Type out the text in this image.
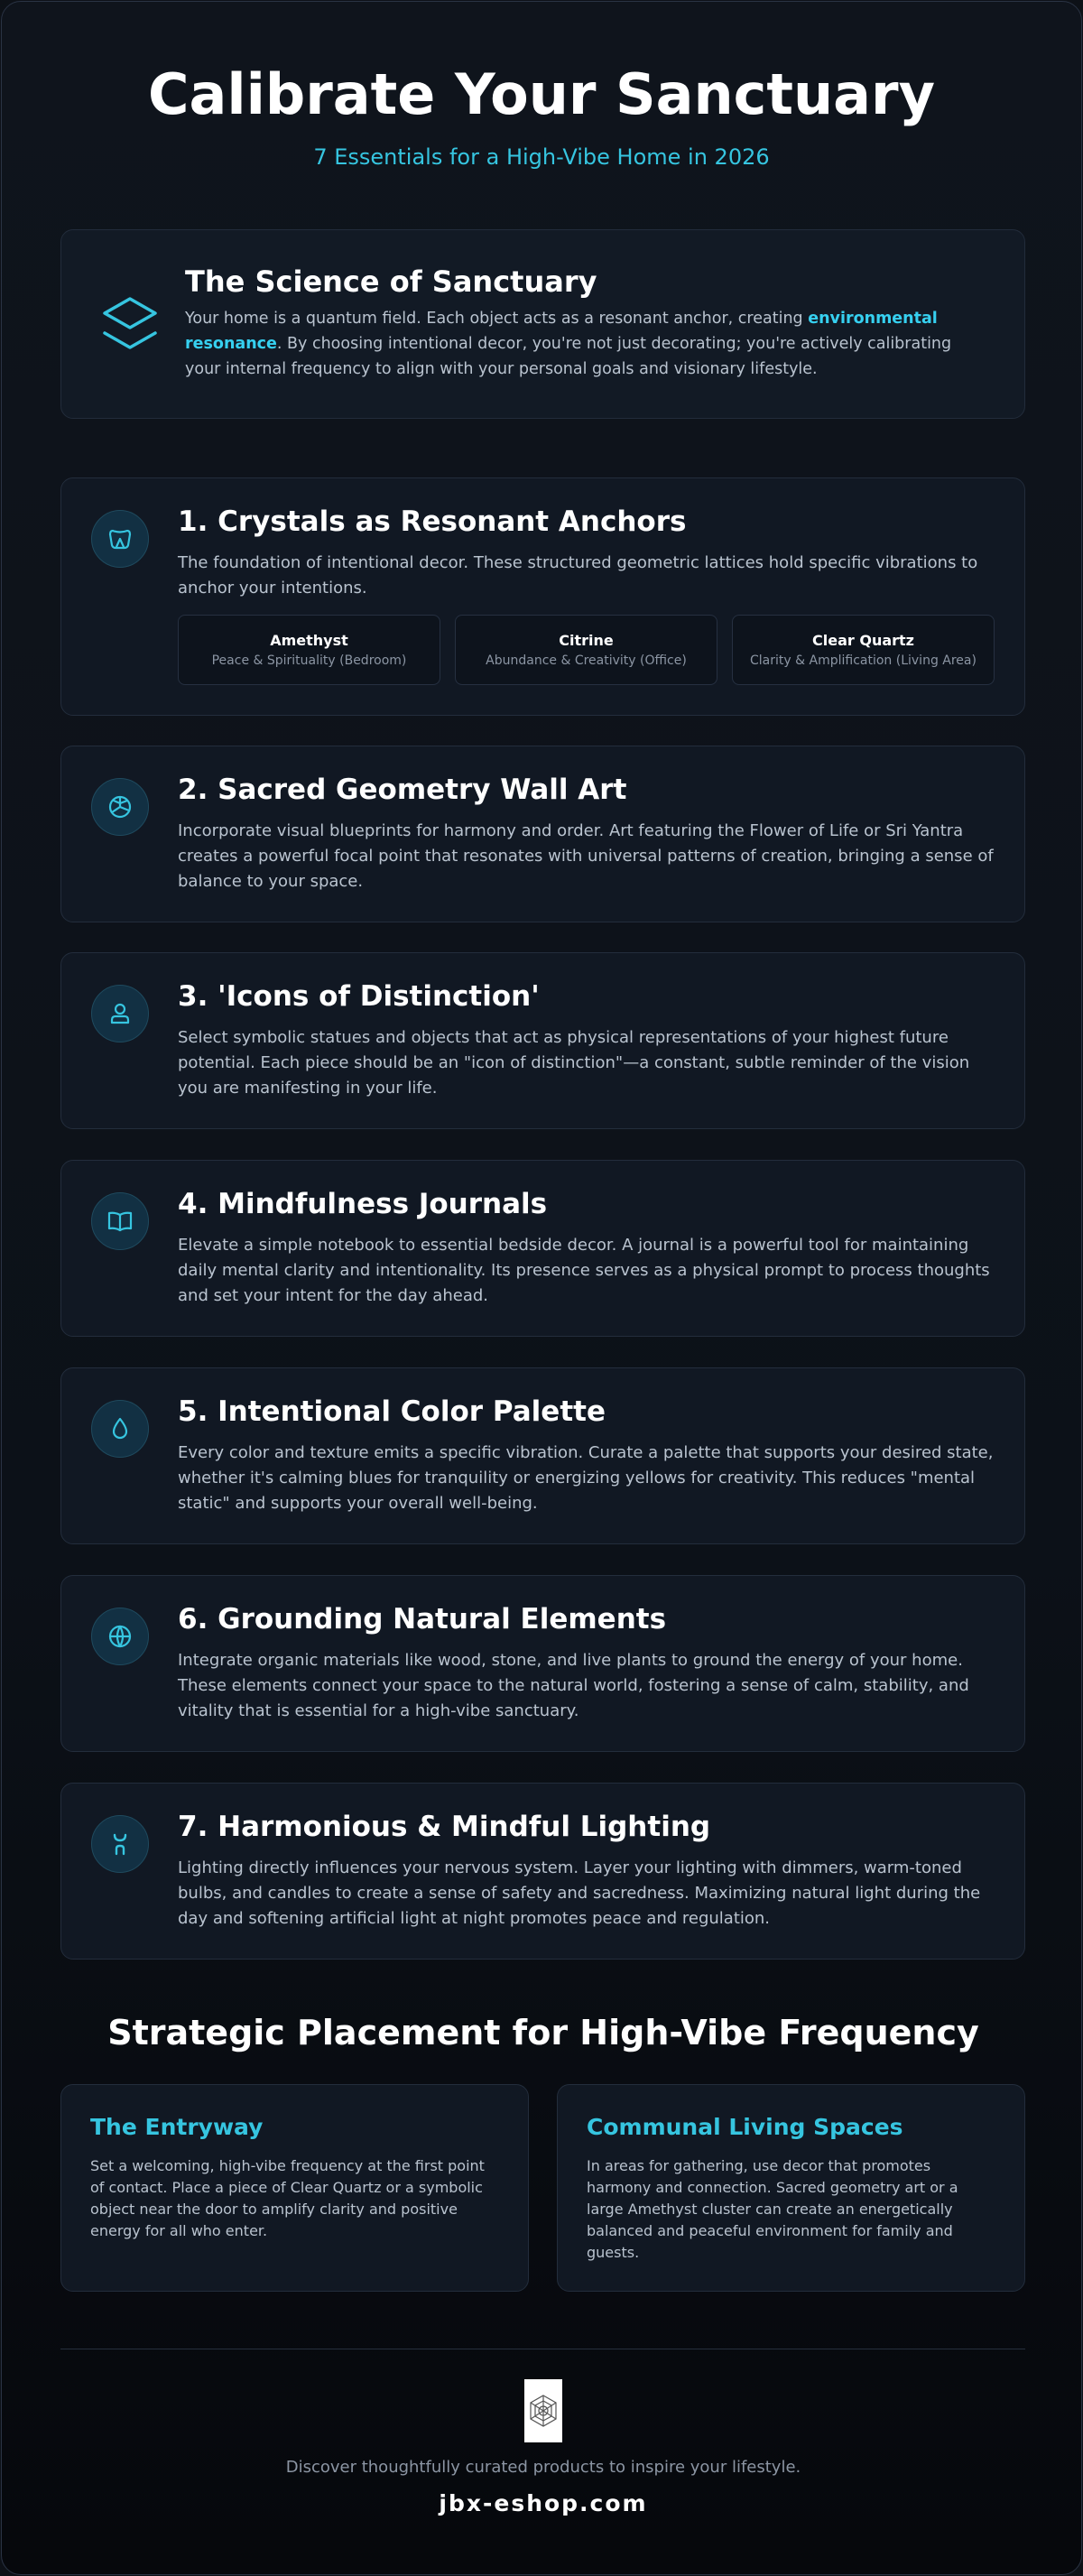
Calibrate Your Sanctuary
7 Essentials for a High-Vibe Home in 2026
The Science of Sanctuary

Your home is a quantum field. Each object acts as a resonant anchor, creating environmental resonance. By choosing intentional decor, you're not just decorating; you're actively calibrating your internal frequency to align with your personal goals and visionary lifestyle.

1. Crystals as Resonant Anchors

The foundation of intentional decor. These structured geometric lattices hold specific vibrations to anchor your intentions.

Amethyst
Peace & Spirituality (Bedroom)
Citrine
Abundance & Creativity (Office)
Clear Quartz
Clarity & Amplification (Living Area)
2. Sacred Geometry Wall Art

Incorporate visual blueprints for harmony and order. Art featuring the Flower of Life or Sri Yantra creates a powerful focal point that resonates with universal patterns of creation, bringing a sense of balance to your space.

3. 'Icons of Distinction'

Select symbolic statues and objects that act as physical representations of your highest future potential. Each piece should be an "icon of distinction"—a constant, subtle reminder of the vision you are manifesting in your life.

4. Mindfulness Journals

Elevate a simple notebook to essential bedside decor. A journal is a powerful tool for maintaining daily mental clarity and intentionality. Its presence serves as a physical prompt to process thoughts and set your intent for the day ahead.

5. Intentional Color Palette

Every color and texture emits a specific vibration. Curate a palette that supports your desired state, whether it's calming blues for tranquility or energizing yellows for creativity. This reduces "mental static" and supports your overall well-being.

6. Grounding Natural Elements

Integrate organic materials like wood, stone, and live plants to ground the energy of your home. These elements connect your space to the natural world, fostering a sense of calm, stability, and vitality that is essential for a high-vibe sanctuary.

7. Harmonious & Mindful Lighting

Lighting directly influences your nervous system. Layer your lighting with dimmers, warm-toned bulbs, and candles to create a sense of safety and sacredness. Maximizing natural light during the day and softening artificial light at night promotes peace and regulation.

Strategic Placement for High-Vibe Frequency
The Entryway

Set a welcoming, high-vibe frequency at the first point of contact. Place a piece of Clear Quartz or a symbolic object near the door to amplify clarity and positive energy for all who enter.

Communal Living Spaces

In areas for gathering, use decor that promotes harmony and connection. Sacred geometry art or a large Amethyst cluster can create an energetically balanced and peaceful environment for family and guests.

Discover thoughtfully curated products to inspire your lifestyle.
jbx-eshop.com
